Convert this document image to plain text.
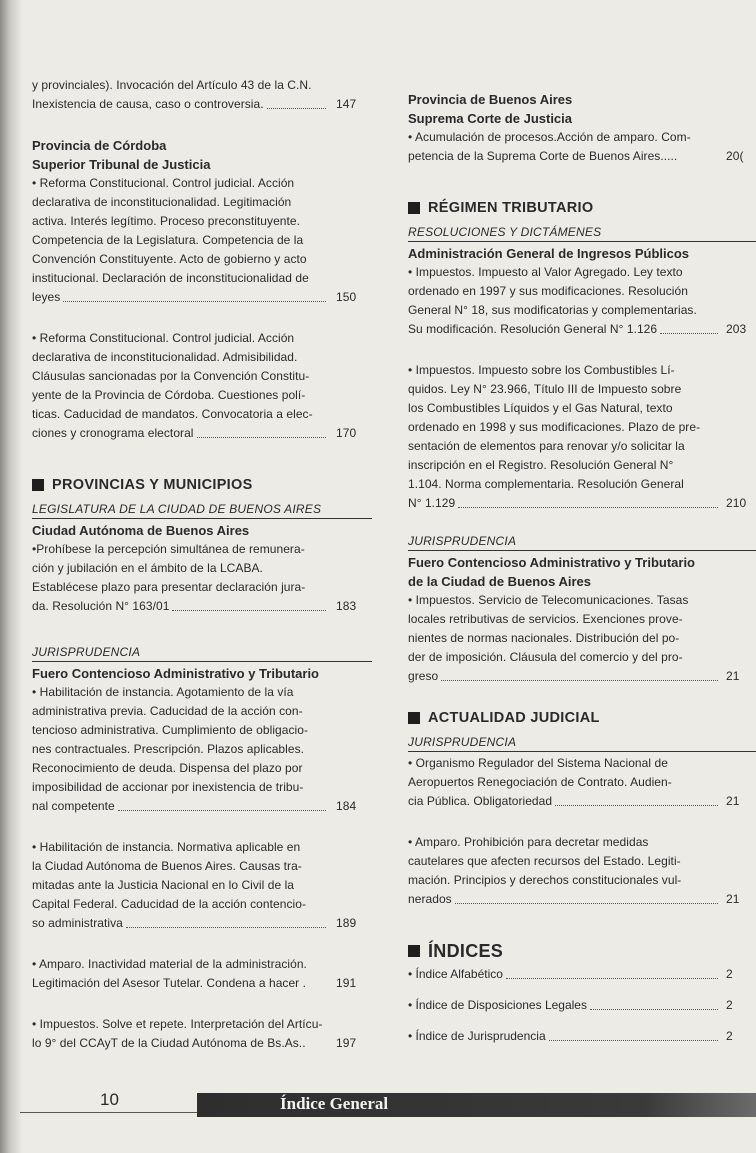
y provinciales). Invocación del Artículo 43 de la C.N.
Inexistencia de causa, caso o controversia.	147
Provincia de Córdoba
Superior Tribunal de Justicia
• Reforma Constitucional. Control judicial. Acción
declarativa de inconstitucionalidad. Legitimación
activa. Interés legítimo. Proceso preconstituyente.
Competencia de la Legislatura. Competencia de la
Convención Constituyente. Acto de gobierno y acto
institucional. Declaración de inconstitucionalidad de
leyes	150
• Reforma Constitucional. Control judicial. Acción
declarativa de inconstitucionalidad. Admisibilidad.
Cláusulas sancionadas por la Convención Constitu-
yente de la Provincia de Córdoba. Cuestiones polí-
ticas. Caducidad de mandatos. Convocatoria a elec-
ciones y cronograma electoral	170
PROVINCIAS Y MUNICIPIOS
LEGISLATURA DE LA CIUDAD DE BUENOS AIRES
Ciudad Autónoma de Buenos Aires
•Prohíbese la percepción simultánea de remunera-
ción y jubilación en el ámbito de la LCABA.
Establécese plazo para presentar declaración jura-
da. Resolución N° 163/01	183
JURISPRUDENCIA
Fuero Contencioso Administrativo y Tributario
• Habilitación de instancia. Agotamiento de la vía
administrativa previa. Caducidad de la acción con-
tencioso administrativa. Cumplimiento de obligacio-
nes contractuales. Prescripción. Plazos aplicables.
Reconocimiento de deuda. Dispensa del plazo por
imposibilidad de accionar por inexistencia de tribu-
nal competente	184
• Habilitación de instancia. Normativa aplicable en
la Ciudad Autónoma de Buenos Aires. Causas tra-
mitadas ante la Justicia Nacional en lo Civil de la
Capital Federal. Caducidad de la acción contencio-
so administrativa	189
• Amparo. Inactividad material de la administración.
Legitimación del Asesor Tutelar. Condena a hacer .	191
• Impuestos. Solve et repete. Interpretación del Artícu-
lo 9° del CCAyT de la Ciudad Autónoma de Bs.As..	197
Provincia de Buenos Aires
Suprema Corte de Justicia
• Acumulación de procesos.Acción de amparo. Com-
petencia de la Suprema Corte de Buenos Aires.....	20(
RÉGIMEN TRIBUTARIO
RESOLUCIONES Y DICTÁMENES
Administración General de Ingresos Públicos
• Impuestos. Impuesto al Valor Agregado. Ley texto
ordenado en 1997 y sus modificaciones. Resolución
General N° 18, sus modificatorias y complementarias.
Su modificación. Resolución General N° 1.126	203
• Impuestos. Impuesto sobre los Combustibles Lí-
quidos. Ley N° 23.966, Título III de Impuesto sobre
los Combustibles Líquidos y el Gas Natural, texto
ordenado en 1998 y sus modificaciones. Plazo de pre-
sentación de elementos para renovar y/o solicitar la
inscripción en el Registro. Resolución General N°
1.104. Norma complementaria. Resolución General
N° 1.129	210
JURISPRUDENCIA
Fuero Contencioso Administrativo y Tributario
de la Ciudad de Buenos Aires
• Impuestos. Servicio de Telecomunicaciones. Tasas
locales retributivas de servicios. Exenciones prove-
nientes de normas nacionales. Distribución del po-
der de imposición. Cláusula del comercio y del pro-
greso	21
ACTUALIDAD JUDICIAL
JURISPRUDENCIA
• Organismo Regulador del Sistema Nacional de
Aeropuertos Renegociación de Contrato. Audien-
cia Pública. Obligatoriedad	21
• Amparo. Prohibición para decretar medidas
cautelares que afecten recursos del Estado. Legiti-
mación. Principios y derechos constitucionales vul-
nerados	21
ÍNDICES
• Índice Alfabético	2
• Índice de Disposiciones Legales	2
• Índice de Jurisprudencia	2
10	Índice General
